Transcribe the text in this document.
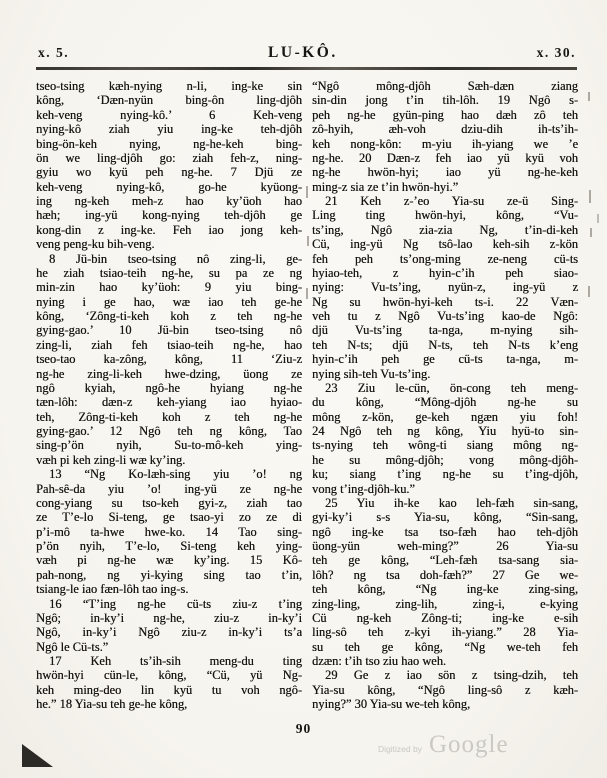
x. 5.	LU-KÔ.	x. 30.
tseo-tsing kæh-nying n-li, ing-ke sin
kông, ‘Dæn-nyün bing-ôn ling-djôh
keh-veng nying-kô.’ 6 Keh-veng
nying-kô ziah yiu ing-ke teh-djôh
bing-ön-keh nying, ng-he-keh bing-
ön we ling-djôh go: ziah feh-z, ning-
gyiu wo kyü peh ng-he. 7 Djü ze
keh-veng nying-kô, go-he kyüong-
ing ng-keh meh-z hao ky’üoh hao
hæh; ing-yü kong-nying teh-djôh ge
kong-din z ing-ke. Feh iao jong keh-
veng peng-ku bih-veng.
8 Jü-bin tseo-tsing nô zing-li, ge-
he ziah tsiao-teih ng-he, su pa ze ng
min-zin hao ky’üoh: 9 yiu bing-
nying i ge hao, wæ iao teh ge-he
kông, ‘Zông-ti-keh koh z teh ng-he
gying-gao.’ 10 Jü-bin tseo-tsing nô
zing-li, ziah feh tsiao-teih ng-he, hao
tseo-tao ka-zông, kông, 11 ‘Ziu-z
ng-he zing-li-keh hwe-dzing, üong ze
ngô kyiah, ngô-he hyiang ng-he
tæn-lôh: dæn-z keh-yiang iao hyiao-
teh, Zông-ti-keh koh z teh ng-he
gying-gao.’ 12 Ngô teh ng kông, Tao
sing-p’ön nyih, Su-to-mô-keh ying-
væh pi keh zing-li wæ ky’ing.
13 “Ng Ko-læh-sing yiu ’o! ng
Pah-sê-da yiu ’o! ing-yü ze ng-he
cong-yiang su tso-keh gyi-z, ziah tao
ze T’e-lo Si-teng, ge tsao-yi zo ze di
p’i-mô ta-hwe hwe-ko. 14 Tao sing-
p’ön nyih, T’e-lo, Si-teng keh ying-
væh pi ng-he wæ ky’ing. 15 Kô-
pah-nong, ng yi-kying sing tao t’in,
tsiang-le iao fæn-lôh tao ing-s.
16 “T’ing ng-he cü-ts ziu-z t’ing
Ngô; in-ky’i ng-he, ziu-z in-ky’i
Ngô, in-ky’i Ngô ziu-z in-ky’i ts’a
Ngô le Cü-ts.”
17 Keh ts’ih-sih meng-du ting
hwön-hyi cün-le, kông, “Cü, yü Ng-
keh ming-deo lin kyü tu voh ngô-
he.” 18 Yia-su teh ge-he kông,
“Ngô mông-djôh Sæh-dæn ziang
sin-din jong t’in tih-lôh. 19 Ngô s-
peh ng-he gyün-ping hao dæh zô teh
zô-hyih, æh-voh dziu-dih ih-ts’ih-
keh nong-kôn: m-yiu ih-yiang we ’e
ng-he. 20 Dæn-z feh iao yü kyü voh
ng-he hwön-hyi; iao yü ng-he-keh
ming-z sia ze t’in hwön-hyi.”
21 Keh z-’eo Yia-su ze-ü Sing-
Ling ting hwön-hyi, kông, “Vu-
ts’ing, Ngô zia-zia Ng, t’in-di-keh
Cü, ing-yü Ng tsô-lao keh-sih z-kön
feh peh ts’ong-ming ze-neng cü-ts
hyiao-teh, z hyin-c’ih peh siao-
nying: Vu-ts’ing, nyün-z, ing-yü z
Ng su hwön-hyi-keh ts-i. 22 Væn-
veh tu z Ngô Vu-ts’ing kao-de Ngô:
djü Vu-ts’ing ta-nga, m-nying sih-
teh N-ts; djü N-ts, teh N-ts k’eng
hyin-c’ih peh ge cü-ts ta-nga, m-
nying sih-teh Vu-ts’ing.
23 Ziu le-cün, ön-cong teh meng-
du kông, “Mông-djôh ng-he su
mông z-kön, ge-keh ngæn yiu foh!
24 Ngô teh ng kông, Yiu hyü-to sin-
ts-nying teh wông-ti siang mông ng-
he su mông-djôh; vong mông-djôh-
ku; siang t’ing ng-he su t’ing-djôh,
vong t’ing-djôh-ku.”
25 Yiu ih-ke kao leh-fæh sin-sang,
gyi-ky’i s-s Yia-su, kông, “Sin-sang,
ngô ing-ke tsa tso-fæh hao teh-djôh
üong-yün weh-ming?” 26 Yia-su
teh ge kông, “Leh-fæh tsa-sang sia-
lôh? ng tsa doh-fæh?” 27 Ge we-
teh kông, “Ng ing-ke zing-sing,
zing-ling, zing-lih, zing-i, e-kying
Cü ng-keh Zông-ti; ing-ke e-sih
ling-sô teh z-kyi ih-yiang.” 28 Yia-
su teh ge kông, “Ng we-teh feh
dzæn: t’ih tso ziu hao weh.
29 Ge z iao sön z tsing-dzih, teh
Yia-su kông, “Ngô ling-sô z kæh-
nying?” 30 Yia-su we-teh kông,
90
Digitized by Google
